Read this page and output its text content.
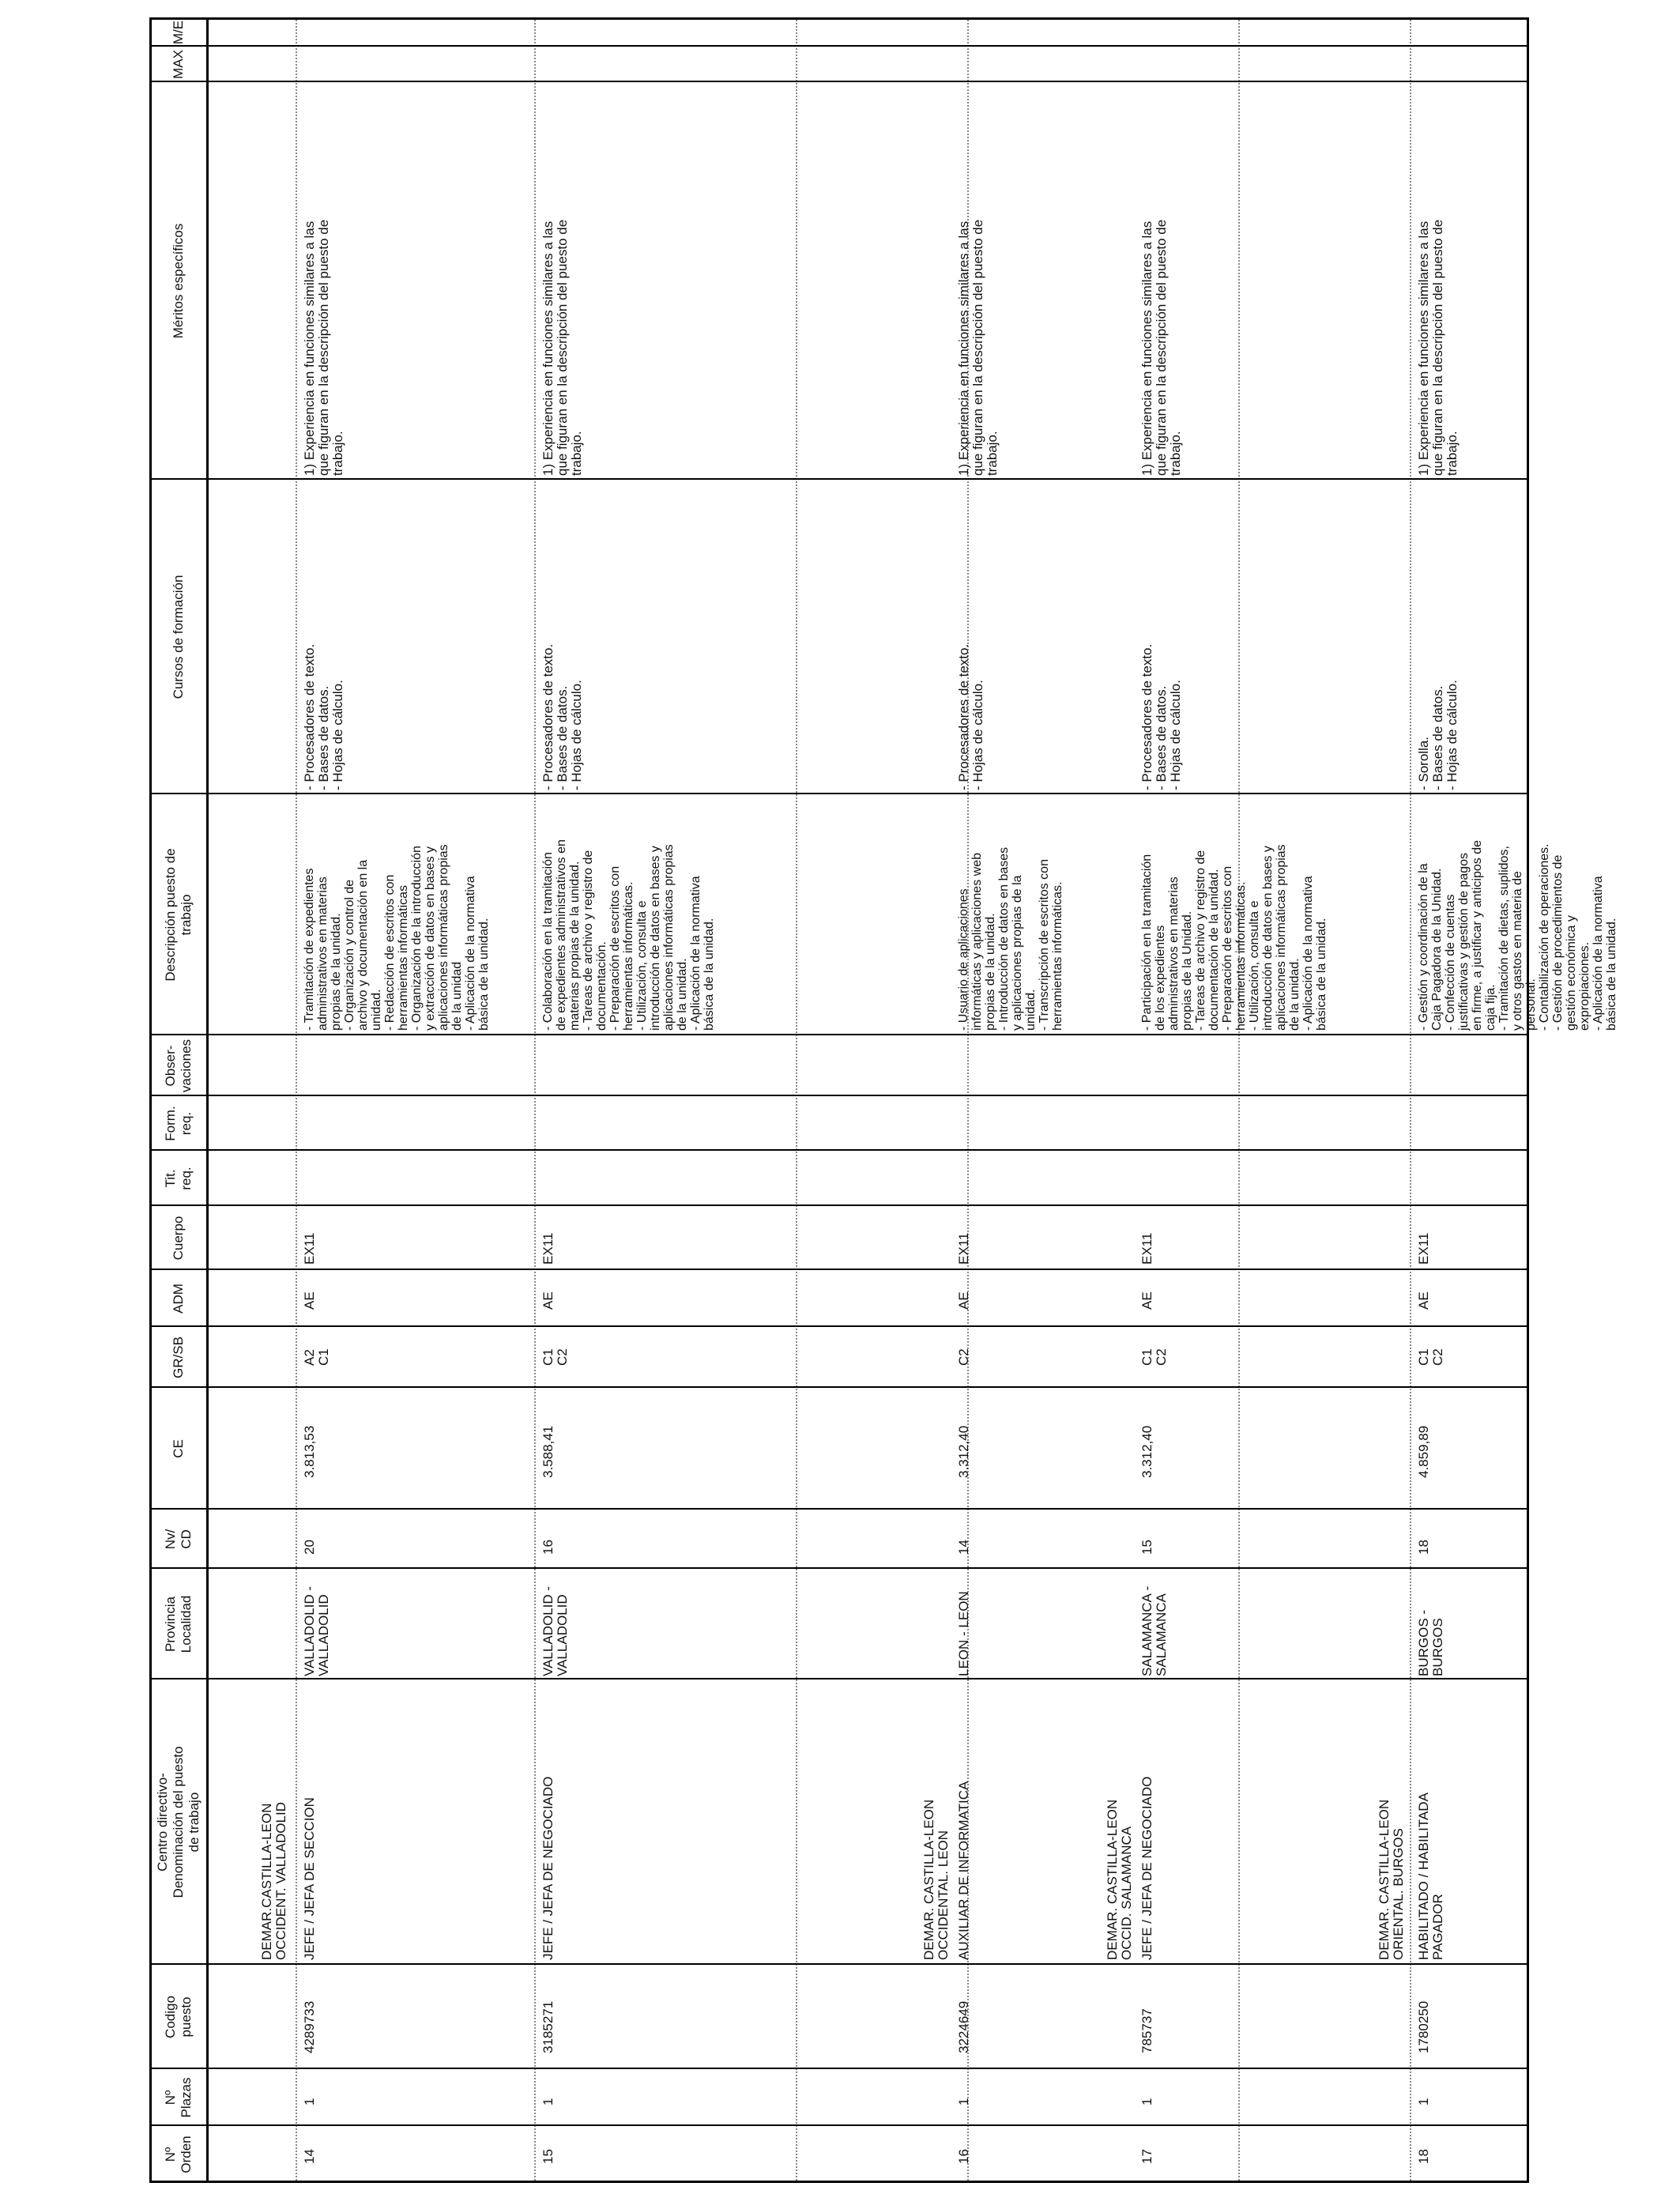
Nº
Orden
Nº
Plazas
Codigo
puesto
Centro directivo-
Denominación del puesto
de trabajo
Provincia
Localidad
Nv/
CD
CE
GR/SB
ADM
Cuerpo
Tit.
req.
Form.
req.
Obser-
vaciones
Descripción puesto de
trabajo
Cursos de formación
Méritos específicos
MAX
M/E
DEMAR.CASTILLA-LEON
OCCIDENT. VALLADOLID
DEMAR. CASTILLA-LEON
OCCIDENTAL. LEON
DEMAR. CASTILLA-LEON
OCCID. SALAMANCA
DEMAR. CASTILLA-LEON
ORIENTAL. BURGOS
14
1
4289733
JEFE / JEFA DE SECCION
VALLADOLID -
VALLADOLID
20
3.813,53
A2
C1
AE
EX11
- Tramitación de expedientes
administrativos en materias
propias de la unidad.
- Organización y control de
archivo y documentación en la
unidad.
- Redacción de escritos con
herramientas informáticas
- Organización de la introducción
y extracción de datos en bases y
aplicaciones informáticas propias
de la unidad
- Aplicación de la normativa
básica de la unidad.
- Procesadores de texto.
- Bases de datos.
- Hojas de cálculo.
1) Experiencia en funciones similares a las
que figuran en la descripción del puesto de
trabajo.
15
1
3185271
JEFE / JEFA DE NEGOCIADO
VALLADOLID -
VALLADOLID
16
3.588,41
C1
C2
AE
EX11
- Colaboración en la tramitación
de expedientes administrativos en
materias propias de la unidad.
- Tareas de archivo y registro de
documentación.
- Preparación de escritos con
herramientas informáticas.
- Utilización, consulta e
introducción de datos en bases y
aplicaciones informáticas propias
de la unidad.
- Aplicación de la normativa
básica de la unidad.
- Procesadores de texto.
- Bases de datos.
- Hojas de cálculo.
1) Experiencia en funciones similares a las
que figuran en la descripción del puesto de
trabajo.
16
1
3224649
AUXILIAR DE INFORMATICA
LEON - LEON
14
3.312,40
C2
AE
EX11
- Usuario de aplicaciones
informáticas y aplicaciones web
propias de la unidad.
- Introducción de datos en bases
y aplicaciones propias de la
unidad.
- Transcripción de escritos con
herramientas informáticas.
- Procesadores de texto.
- Hojas de cálculo.
1) Experiencia en funciones similares a las
que figuran en la descripción del puesto de
trabajo.
17
1
785737
JEFE / JEFA DE NEGOCIADO
SALAMANCA -
SALAMANCA
15
3.312,40
C1
C2
AE
EX11
- Participación en la tramitación
de los expedientes
administrativos en materias
propias de la Unidad.
- Tareas de archivo y registro de
documentación de la unidad.
- Preparación de escritos con
herramientas informáticas.
- Utilización, consulta e
introducción de datos en bases y
aplicaciones informáticas propias
de la unidad.
- Aplicación de la normativa
básica de la unidad.
- Procesadores de texto.
- Bases de datos.
- Hojas de cálculo.
1) Experiencia en funciones similares a las
que figuran en la descripción del puesto de
trabajo.
18
1
1780250
HABILITADO / HABILITADA
PAGADOR
BURGOS -
BURGOS
18
4.859,89
C1
C2
AE
EX11
- Gestión y coordinación de la
Caja Pagadora de la Unidad.
- Confección de cuentas
justificativas y gestión de pagos
en firme, a justificar y anticipos de
caja fija.
- Tramitación de dietas, suplidos,
y otros gastos en materia de
personal.
- Contabilización de operaciones.
- Gestión de procedimientos de
gestión económica y
expropiaciones.
- Aplicación de la normativa
básica de la unidad.
- Sorolla.
- Bases de datos.
- Hojas de cálculo.
1) Experiencia en funciones similares a las
que figuran en la descripción del puesto de
trabajo.
